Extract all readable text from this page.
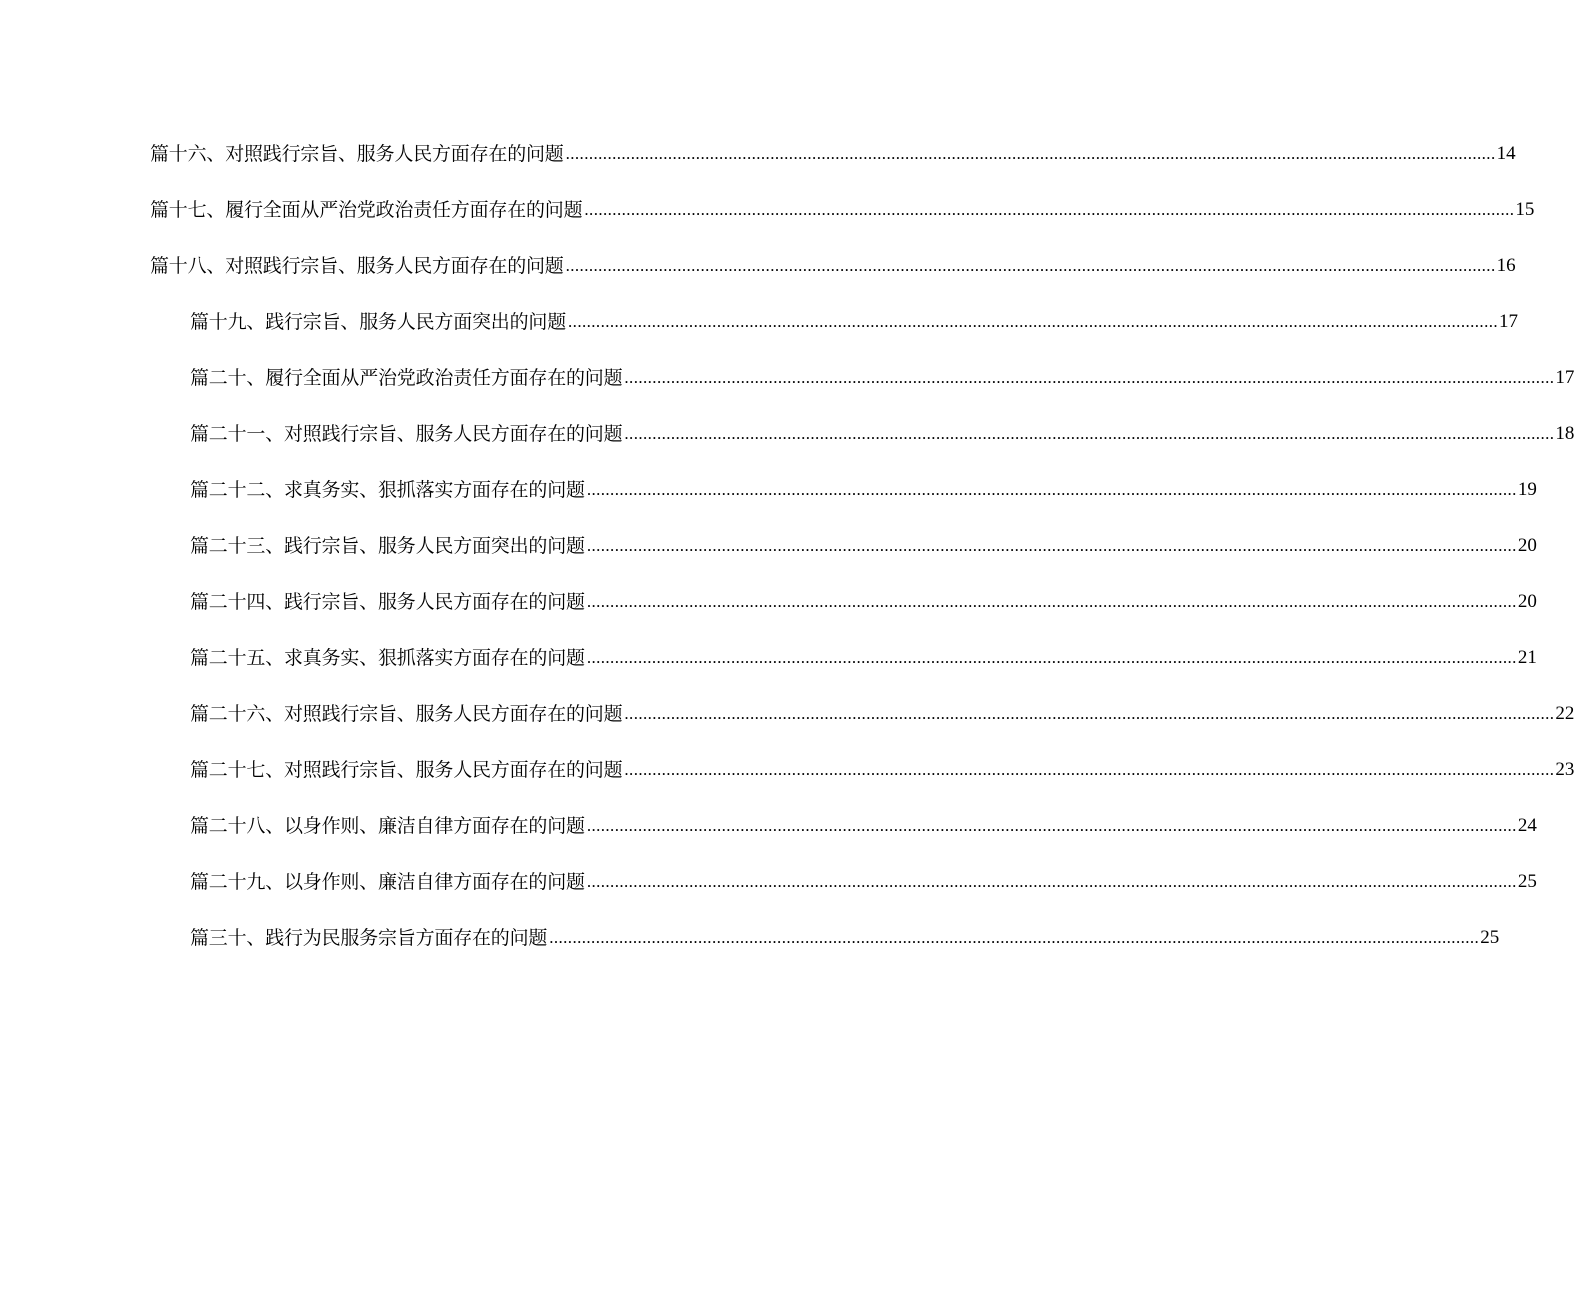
篇十六、对照践行宗旨、服务人民方面存在的问题 ........................................................................................................................................................................................................ 14
篇十七、履行全面从严治党政治责任方面存在的问题 ........................................................................................................................................................................................................ 15
篇十八、对照践行宗旨、服务人民方面存在的问题 ........................................................................................................................................................................................................ 16
篇十九、践行宗旨、服务人民方面突出的问题 ........................................................................................................................................................................................................ 17
篇二十、履行全面从严治党政治责任方面存在的问题 ........................................................................................................................................................................................................ 17
篇二十一、对照践行宗旨、服务人民方面存在的问题 ........................................................................................................................................................................................................ 18
篇二十二、求真务实、狠抓落实方面存在的问题 ........................................................................................................................................................................................................ 19
篇二十三、践行宗旨、服务人民方面突出的问题 ........................................................................................................................................................................................................ 20
篇二十四、践行宗旨、服务人民方面存在的问题 ........................................................................................................................................................................................................ 20
篇二十五、求真务实、狠抓落实方面存在的问题 ........................................................................................................................................................................................................ 21
篇二十六、对照践行宗旨、服务人民方面存在的问题 ........................................................................................................................................................................................................ 22
篇二十七、对照践行宗旨、服务人民方面存在的问题 ........................................................................................................................................................................................................ 23
篇二十八、以身作则、廉洁自律方面存在的问题 ........................................................................................................................................................................................................ 24
篇二十九、以身作则、廉洁自律方面存在的问题 ........................................................................................................................................................................................................ 25
篇三十、践行为民服务宗旨方面存在的问题 ........................................................................................................................................................................................................ 25
